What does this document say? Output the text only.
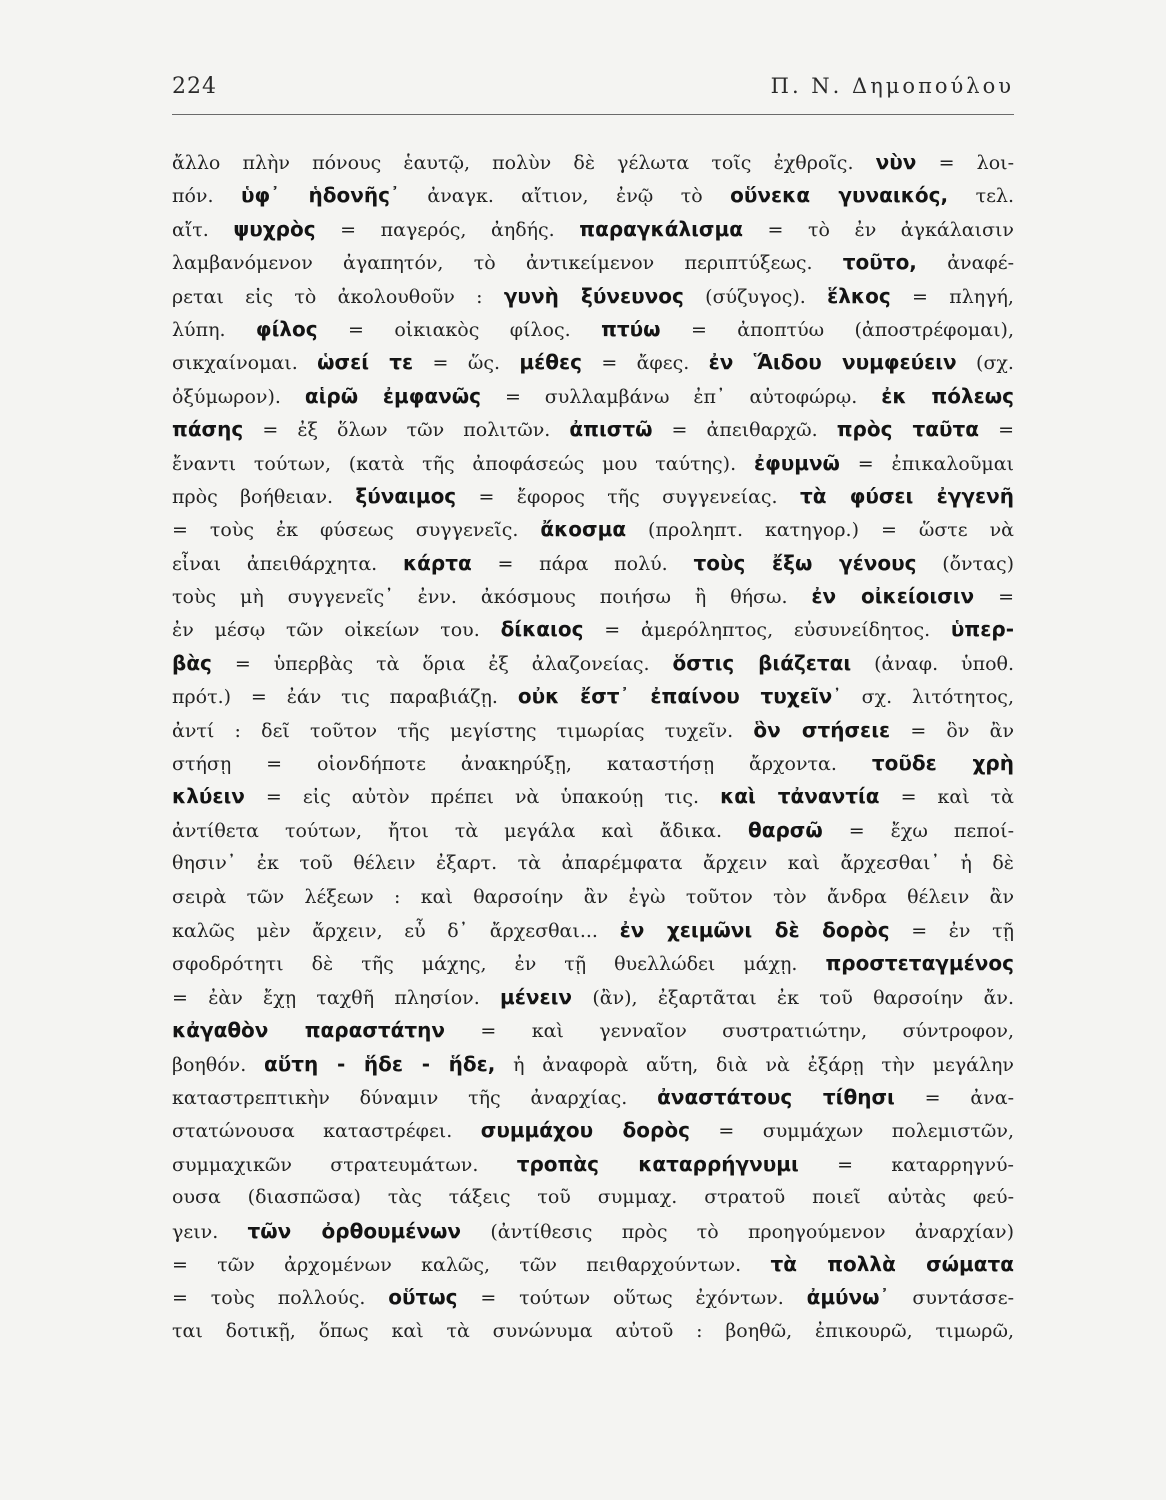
224	Π. Ν. Δημοπούλου
ἄλλο πλὴν πόνους ἑαυτῷ, πολὺν δὲ γέλωτα τοῖς ἐχθροῖς. νὺν = λοι-
πόν. ὑφ᾽ ἡδονῆς᾽ ἀναγκ. αἴτιον, ἐνῷ τὸ οὕνεκα γυναικός, τελ.
αἴτ. ψυχρὸς = παγερός, ἀηδής. παραγκάλισμα = τὸ ἐν ἀγκάλαισιν
λαμβανόμενον ἀγαπητόν, τὸ ἀντικείμενον περιπτύξεως. τοῦτο, ἀναφέ-
ρεται εἰς τὸ ἀκολουθοῦν : γυνὴ ξύνευνος (σύζυγος). ἕλκος = πληγή,
λύπη. φίλος = οἰκιακὸς φίλος. πτύω = ἀποπτύω (ἀποστρέφομαι),
σικχαίνομαι. ὡσεί τε = ὥς. μέθες = ἄφες. ἐν Ἅιδου νυμφεύειν (σχ.
ὀξύμωρον). αἱρῶ ἐμφανῶς = συλλαμβάνω ἐπ᾽ αὐτοφώρῳ. ἐκ πόλεως
πάσης = ἐξ ὅλων τῶν πολιτῶν. ἀπιστῶ = ἀπειθαρχῶ. πρὸς ταῦτα =
ἔναντι τούτων, (κατὰ τῆς ἀποφάσεώς μου ταύτης). ἐφυμνῶ = ἐπικαλοῦμαι
πρὸς βοήθειαν. ξύναιμος = ἔφορος τῆς συγγενείας. τὰ φύσει ἐγγενῆ
= τοὺς ἐκ φύσεως συγγενεῖς. ἄκοσμα (προληπτ. κατηγορ.) = ὥστε νὰ
εἶναι ἀπειθάρχητα. κάρτα = πάρα πολύ. τοὺς ἔξω γένους (ὄντας)
τοὺς μὴ συγγενεῖς᾽ ἐνν. ἀκόσμους ποιήσω ἢ θήσω. ἐν οἰκείοισιν =
ἐν μέσῳ τῶν οἰκείων του. δίκαιος = ἀμερόληπτος, εὐσυνείδητος. ὑπερ-
βὰς = ὑπερβὰς τὰ ὅρια ἐξ ἀλαζονείας. ὅστις βιάζεται (ἀναφ. ὑποθ.
πρότ.) = ἐάν τις παραβιάζῃ. οὐκ ἔστ᾽ ἐπαίνου τυχεῖν᾽ σχ. λιτότητος,
ἀντί : δεῖ τοῦτον τῆς μεγίστης τιμωρίας τυχεῖν. ὃν στήσειε = ὃν ἂν
στήσῃ = οἱονδήποτε ἀνακηρύξῃ, καταστήσῃ ἄρχοντα. τοῦδε χρὴ
κλύειν = εἰς αὐτὸν πρέπει νὰ ὑπακούῃ τις. καὶ τἀναντία = καὶ τὰ
ἀντίθετα τούτων, ἤτοι τὰ μεγάλα καὶ ἄδικα. θαρσῶ = ἔχω πεποί-
θησιν᾽ ἐκ τοῦ θέλειν ἐξαρτ. τὰ ἀπαρέμφατα ἄρχειν καὶ ἄρχεσθαι᾽ ἡ δὲ
σειρὰ τῶν λέξεων : καὶ θαρσοίην ἂν ἐγὼ τοῦτον τὸν ἄνδρα θέλειν ἂν
καλῶς μὲν ἄρχειν, εὖ δ᾽ ἄρχεσθαι... ἐν χειμῶνι δὲ δορὸς = ἐν τῇ
σφοδρότητι δὲ τῆς μάχης, ἐν τῇ θυελλώδει μάχῃ. προστεταγμένος
= ἐὰν ἔχῃ ταχθῆ πλησίον. μένειν (ἂν), ἐξαρτᾶται ἐκ τοῦ θαρσοίην ἄν.
κἀγαθὸν παραστάτην = καὶ γενναῖον συστρατιώτην, σύντροφον,
βοηθόν. αὕτη - ἥδε - ἥδε, ἡ ἀναφορὰ αὕτη, διὰ νὰ ἐξάρῃ τὴν μεγάλην
καταστρεπτικὴν δύναμιν τῆς ἀναρχίας. ἀναστάτους τίθησι = ἀνα-
στατώνουσα καταστρέφει. συμμάχου δορὸς = συμμάχων πολεμιστῶν,
συμμαχικῶν στρατευμάτων. τροπὰς καταρρήγνυμι = καταρρηγνύ-
ουσα (διασπῶσα) τὰς τάξεις τοῦ συμμαχ. στρατοῦ ποιεῖ αὐτὰς φεύ-
γειν. τῶν ὀρθουμένων (ἀντίθεσις πρὸς τὸ προηγούμενον ἀναρχίαν)
= τῶν ἀρχομένων καλῶς, τῶν πειθαρχούντων. τὰ πολλὰ σώματα
= τοὺς πολλούς. οὕτως = τούτων οὕτως ἐχόντων. ἀμύνω᾽ συντάσσε-
ται δοτικῇ, ὅπως καὶ τὰ συνώνυμα αὐτοῦ : βοηθῶ, ἐπικουρῶ, τιμωρῶ,
